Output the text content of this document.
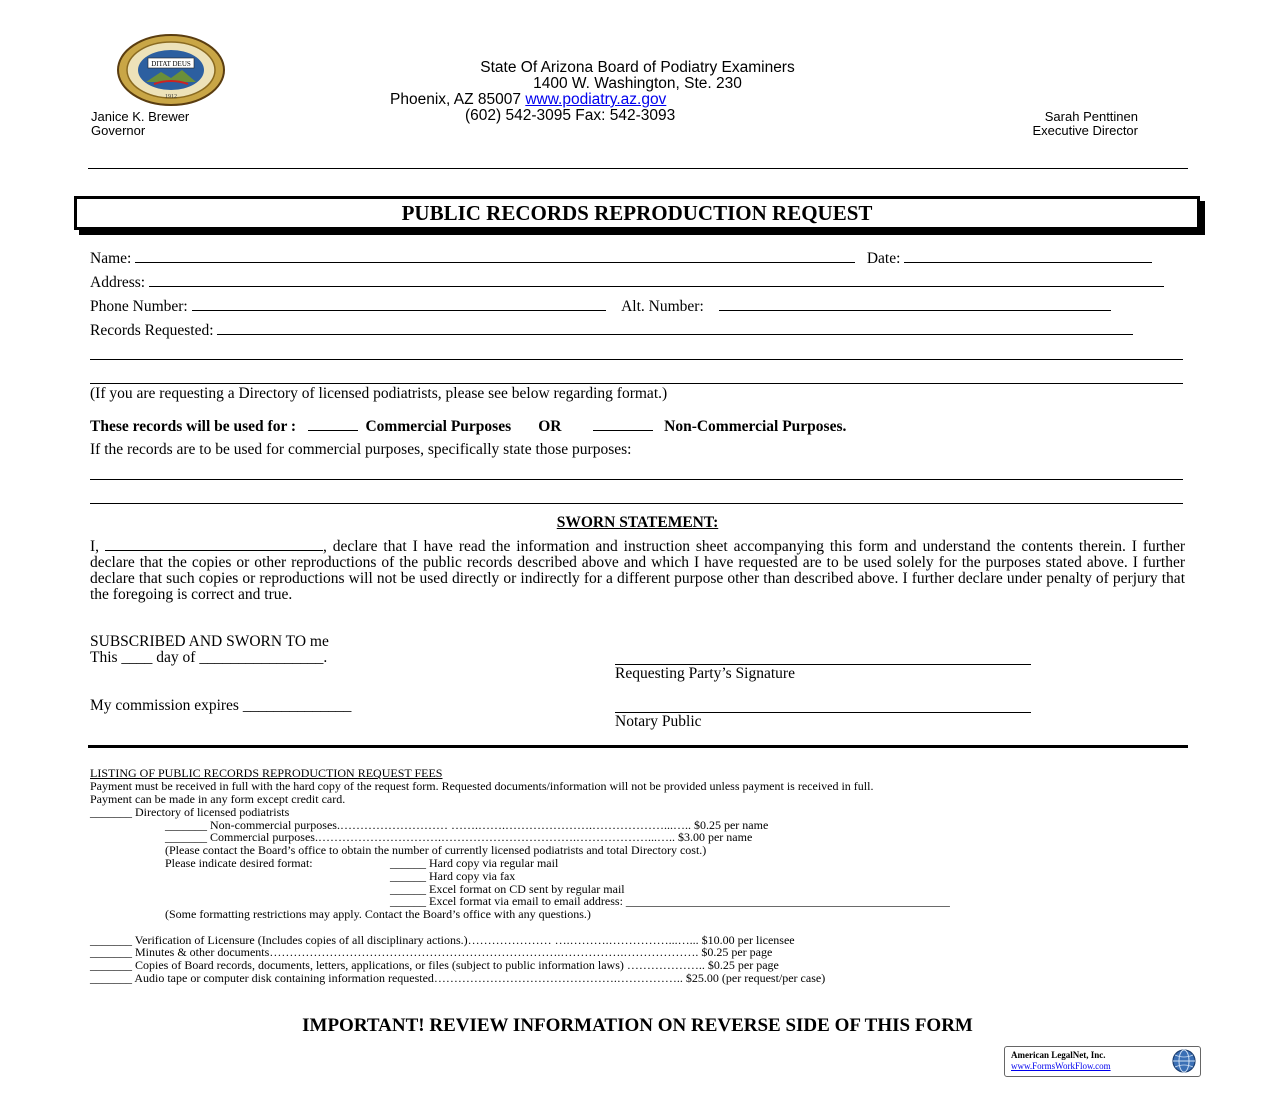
DITAT DEUS
1912
State Of Arizona Board of Podiatry Examiners
1400 W. Washington, Ste. 230
Phoenix, AZ 85007 www.podiatry.az.gov
(602) 542-3095 Fax: 542-3093
Janice K. Brewer
Governor
Sarah Penttinen
Executive Director
PUBLIC RECORDS REPRODUCTION REQUEST
Name:	Date:
Address:
Phone Number:	Alt. Number:
Records Requested:
(If you are requesting a Directory of licensed podiatrists, please see below regarding format.)
These records will be used for :	Commercial Purposes OR	Non-Commercial Purposes.
If the records are to be used for commercial purposes, specifically state those purposes:
SWORN STATEMENT:
I,	, declare that I have read the information and instruction sheet accompanying this form and understand the contents therein. I further declare that the copies or other reproductions of the public records described above and which I have requested are to be used solely for the purposes stated above. I further declare that such copies or reproductions will not be used directly or indirectly for a different purpose other than described above. I further declare under penalty of perjury that the foregoing is correct and true.
SUBSCRIBED AND SWORN TO me
This ____ day of ________________.
Requesting Party’s Signature
My commission expires ______________
Notary Public
LISTING OF PUBLIC RECORDS REPRODUCTION REQUEST FEES
Payment must be received in full with the hard copy of the request form. Requested documents/information will not be provided unless payment is received in full.
Payment can be made in any form except credit card.
_______ Directory of licensed podiatrists
_______ Non-commercial purposes.……………………… …….…….………………….………………...….. $0.25 per name
_______ Commercial purposes.………………………….…………………………….………………...….. $3.00 per name
(Please contact the Board’s office to obtain the number of currently licensed podiatrists and total Directory cost.)
Please indicate desired format:	______ Hard copy via regular mail
______ Hard copy via fax
______ Excel format on CD sent by regular mail
______ Excel format via email to email address: ______________________________________________________
(Some formatting restrictions may apply. Contact the Board’s office with any questions.)
_______ Verification of Licensure (Includes copies of all disciplinary actions.)………………… ….……….……………...…... $10.00 per licensee
_______ Minutes & other documents……………………………………………………………….…………….………………. $0.25 per page
_______ Copies of Board records, documents, letters, applications, or files (subject to public information laws) ……………….. $0.25 per page
_______ Audio tape or computer disk containing information requested……………………………………….…………….. $25.00 (per request/per case)
IMPORTANT! REVIEW INFORMATION ON REVERSE SIDE OF THIS FORM
American LegalNet, Inc.
www.FormsWorkFlow.com
